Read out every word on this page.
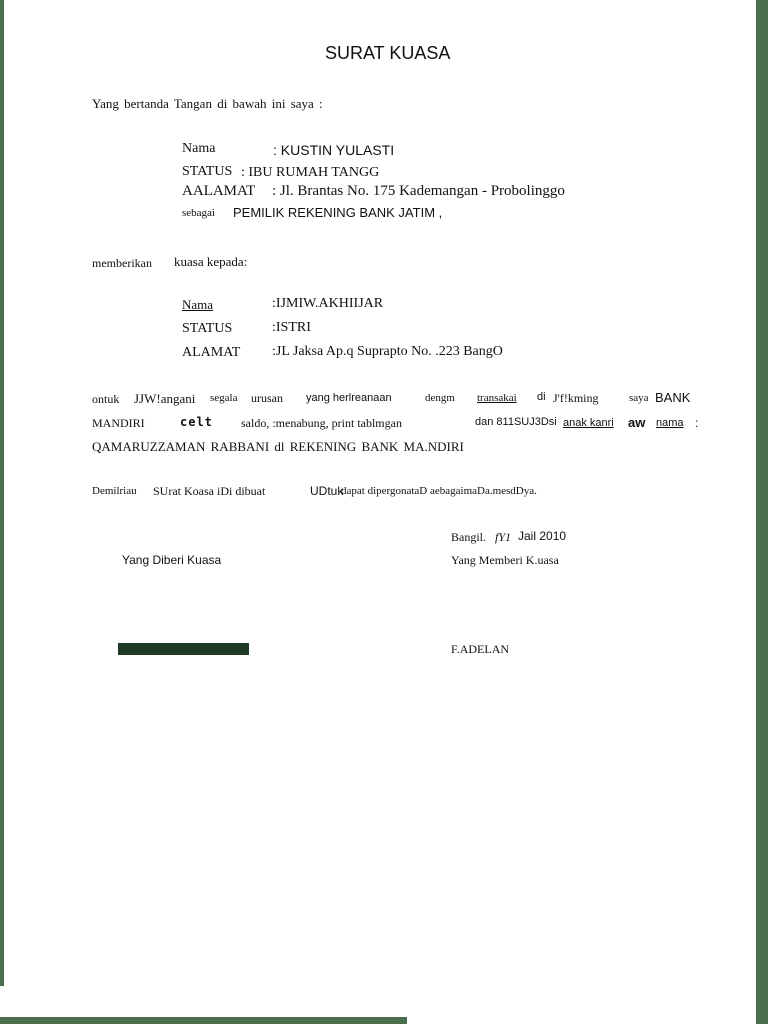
SURAT KUASA
Yang bertanda Tangan di bawah ini saya :
Nama	: KUSTIN YULASTI
STATUS : IBU RUMAH TANGG
AALAMAT : Jl. Brantas No. 175 Kademangan - Probolinggo
sebagai PEMILIK REKENING BANK JATIM ,
memberikan kuasa kepada:
Nama	:IJMIW.AKHIIJAR
STATUS	:ISTRI
ALAMAT :JL Jaksa Ap.q Suprapto No. .223 BangO
ontuk JJW!angani segala urusan yang herlreanaan	dengm transakai di J'f!kming	saya BANK
MANDIRI	celt saldo, :menabung, print tablmgan	dan 811SUJ3Dsi anak kanri aw nama :
QAMARUZZAMAN RABBANI dl REKENING BANK MA.NDIRI
Demilriau SUrat Koasa iDi dibuat	UDtuk
dapat dipergonataD aebagaimaDa.mesdDya.
Bangil. fY1 Jail 2010
Yang Diberi Kuasa	Yang Memberi K.uasa
F.ADELAN
